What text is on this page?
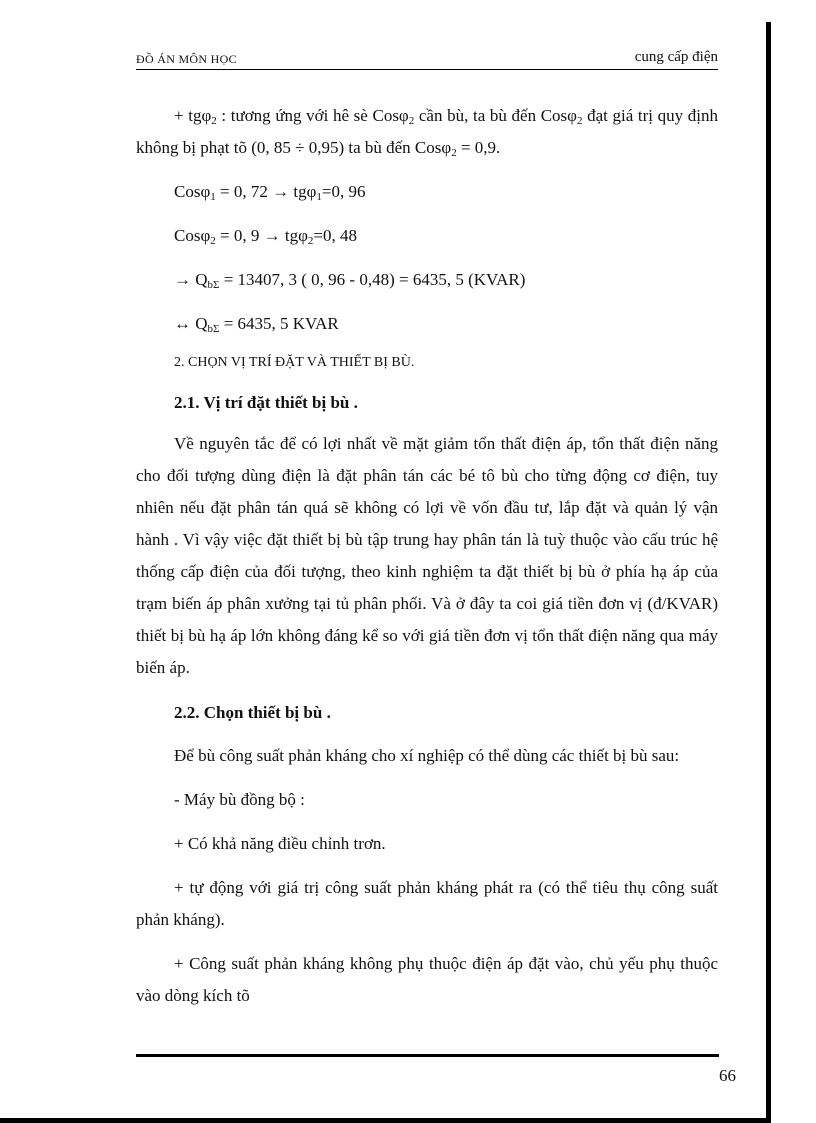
ĐỒ ÁN MÔN HỌC	cung cấp điện

+ tgφ$_2$ : tương ứng với hê sè Cosφ$_2$ cần bù, ta bù đến Cosφ$_2$ đạt giá trị quy định không bị phạt tõ (0, 85 ÷ 0,95) ta bù đến Cosφ$_2$ = 0,9.

Cosφ$_1$ = 0, 72 → tgφ$_1$=0, 96

Cosφ$_2$ = 0, 9 → tgφ$_2$=0, 48

→ $Q_{b\Sigma} = 13407$, 3 ( 0, 96 - 0,48) = 6435, 5 (KVAR)

↔ $Q_{b\Sigma} = 6435$, 5 KVAR

2. CHỌN VỊ TRÍ ĐẶT VÀ THIẾT BỊ BÙ.

2.1. Vị trí đặt thiết bị bù .

Về nguyên tắc để có lợi nhất về mặt giảm tổn thất điện áp, tổn thất điện năng cho đối tượng dùng điện là đặt phân tán các bé tô bù cho từng động cơ điện, tuy nhiên nếu đặt phân tán quá sẽ không có lợi về vốn đầu tư, lắp đặt và quản lý vận hành . Vì vậy việc đặt thiết bị bù tập trung hay phân tán là tuỳ thuộc vào cấu trúc hệ thống cấp điện của đối tượng, theo kinh nghiệm ta đặt thiết bị bù ở phía hạ áp của trạm biến áp phân xưởng tại tủ phân phối. Và ở đây ta coi giá tiền đơn vị (đ/KVAR) thiết bị bù hạ áp lớn không đáng kể so với giá tiền đơn vị tổn thất điện năng qua máy biến áp.

2.2. Chọn thiết bị bù .

Để bù công suất phản kháng cho xí nghiệp có thể dùng các thiết bị bù sau:

- Máy bù đồng bộ :

+ Có khả năng điều chỉnh trơn.

+ tự động với giá trị công suất phản kháng phát ra (có thể tiêu thụ công suất phản kháng).

+ Công suất phản kháng không phụ thuộc điện áp đặt vào, chủ yếu phụ thuộc vào dòng kích tõ

66
